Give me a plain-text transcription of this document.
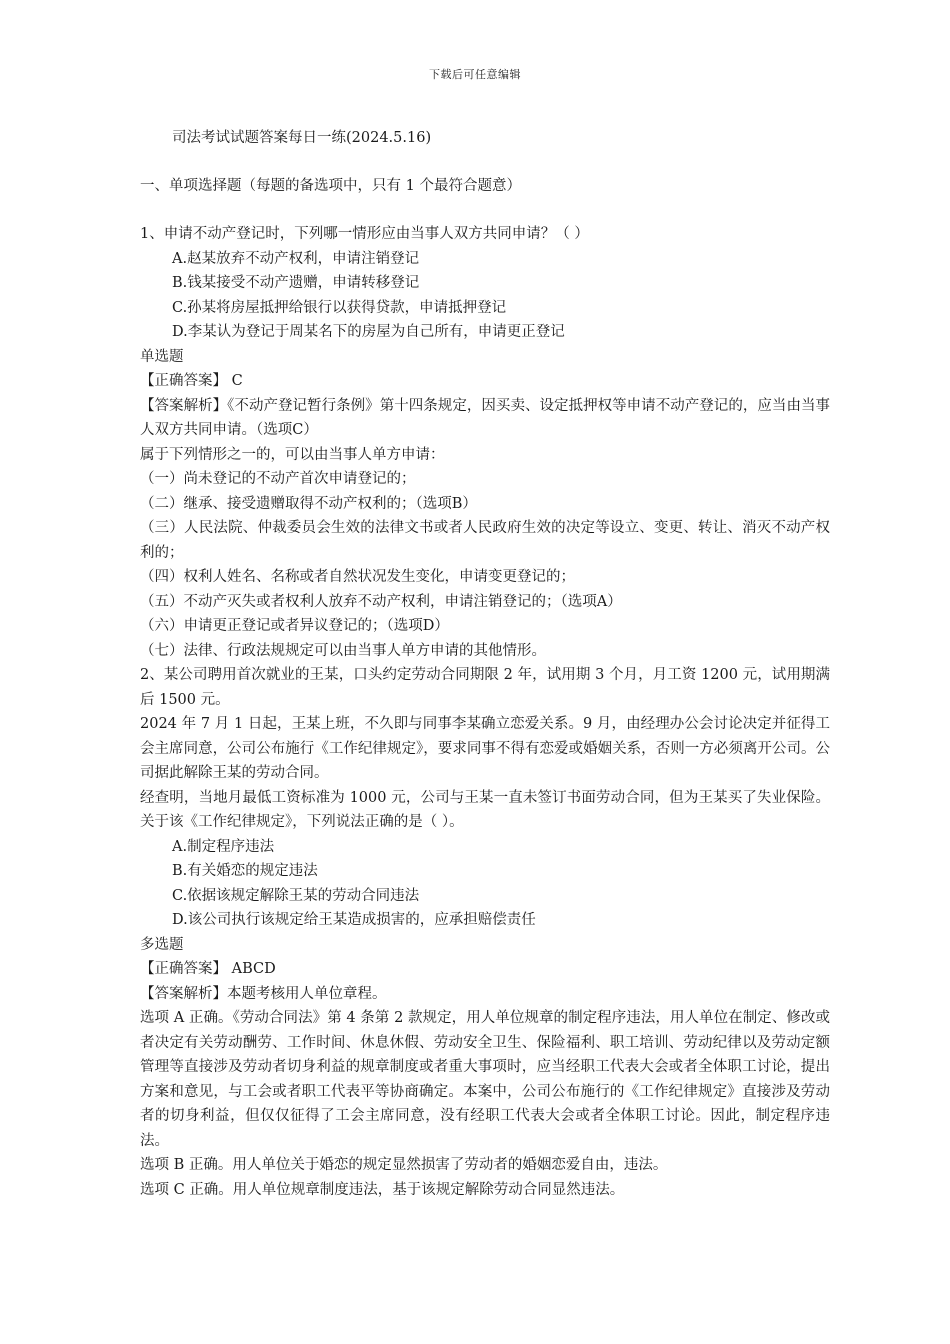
下载后可任意编辑
司法考试试题答案每日一练(2024.5.16)
一、单项选择题（每题的备选项中，只有 1 个最符合题意）

1、申请不动产登记时，下列哪一情形应由当事人双方共同申请？（ ）

A.赵某放弃不动产权利，申请注销登记

B.钱某接受不动产遗赠，申请转移登记

C.孙某将房屋抵押给银行以获得贷款，申请抵押登记

D.李某认为登记于周某名下的房屋为自己所有，申请更正登记

单选题

【正确答案】 C

【答案解析】《不动产登记暂行条例》第十四条规定，因买卖、设定抵押权等申请不动产登记的，应当由当事人双方共同申请。（选项C）

属于下列情形之一的，可以由当事人单方申请：

（一）尚未登记的不动产首次申请登记的；

（二）继承、接受遗赠取得不动产权利的；（选项B）

（三）人民法院、仲裁委员会生效的法律文书或者人民政府生效的决定等设立、变更、转让、消灭不动产权利的；

（四）权利人姓名、名称或者自然状况发生变化，申请变更登记的；

（五）不动产灭失或者权利人放弃不动产权利，申请注销登记的；（选项A）

（六）申请更正登记或者异议登记的；（选项D）

（七）法律、行政法规规定可以由当事人单方申请的其他情形。

2、某公司聘用首次就业的王某，口头约定劳动合同期限 2 年，试用期 3 个月，月工资 1200 元，试用期满后 1500 元。

2024 年 7 月 1 日起，王某上班，不久即与同事李某确立恋爱关系。9 月，由经理办公会讨论决定并征得工会主席同意，公司公布施行《工作纪律规定》，要求同事不得有恋爱或婚姻关系，否则一方必须离开公司。公司据此解除王某的劳动合同。

经查明，当地月最低工资标准为 1000 元，公司与王某一直未签订书面劳动合同，但为王某买了失业保险。关于该《工作纪律规定》，下列说法正确的是（ ）。

A.制定程序违法

B.有关婚恋的规定违法

C.依据该规定解除王某的劳动合同违法

D.该公司执行该规定给王某造成损害的，应承担赔偿责任

多选题

【正确答案】 ABCD

【答案解析】本题考核用人单位章程。

选项 A 正确。《劳动合同法》第 4 条第 2 款规定，用人单位规章的制定程序违法，用人单位在制定、修改或者决定有关劳动酬劳、工作时间、休息休假、劳动安全卫生、保险福利、职工培训、劳动纪律以及劳动定额管理等直接涉及劳动者切身利益的规章制度或者重大事项时，应当经职工代表大会或者全体职工讨论，提出方案和意见，与工会或者职工代表平等协商确定。本案中，公司公布施行的《工作纪律规定》直接涉及劳动者的切身利益，但仅仅征得了工会主席同意，没有经职工代表大会或者全体职工讨论。因此，制定程序违法。

选项 B 正确。用人单位关于婚恋的规定显然损害了劳动者的婚姻恋爱自由，违法。

选项 C 正确。用人单位规章制度违法，基于该规定解除劳动合同显然违法。
